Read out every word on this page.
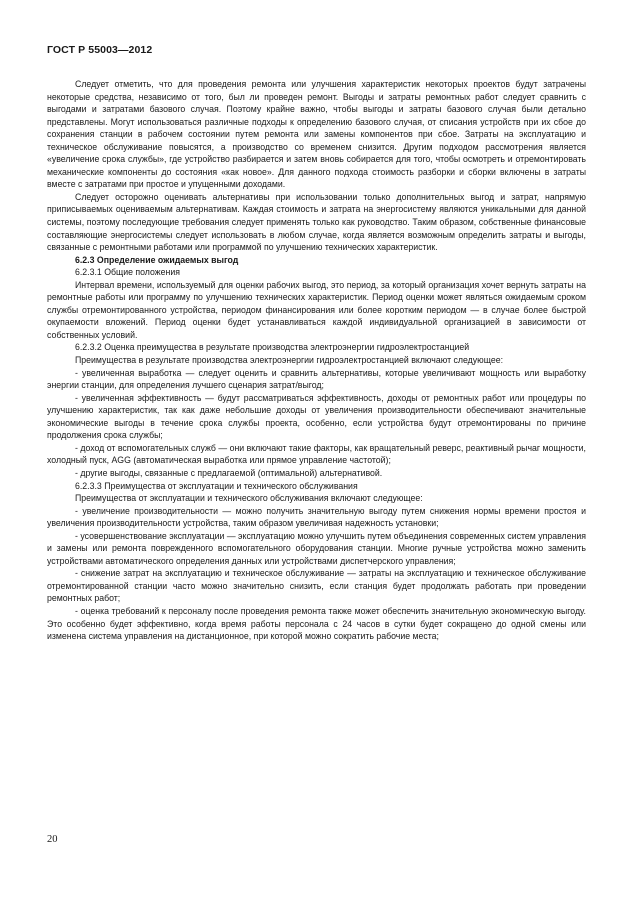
ГОСТ Р 55003—2012

Следует отметить, что для проведения ремонта или улучшения характеристик некоторых проектов будут затрачены некоторые средства, независимо от того, был ли проведен ремонт. Выгоды и затраты ремонтных работ следует сравнить с выгодами и затратами базового случая. Поэтому крайне важно, чтобы выгоды и затраты базового случая были детально представлены. Могут использоваться различные подходы к определению базового случая, от списания устройств при их сбое до сохранения станции в рабочем состоянии путем ремонта или замены компонентов при сбое. Затраты на эксплуатацию и техническое обслуживание повысятся, а производство со временем снизится. Другим подходом рассмотрения является «увеличение срока службы», где устройство разбирается и затем вновь собирается для того, чтобы осмотреть и отремонтировать механические компоненты до состояния «как новое». Для данного подхода стоимость разборки и сборки включены в затраты вместе с затратами при простое и упущенными доходами.

Следует осторожно оценивать альтернативы при использовании только дополнительных выгод и затрат, напрямую приписываемых оцениваемым альтернативам. Каждая стоимость и затрата на энергосистему являются уникальными для данной системы, поэтому последующие требования следует применять только как руководство. Таким образом, собственные финансовые составляющие энергосистемы следует использовать в любом случае, когда является возможным определить затраты и выгоды, связанные с ремонтными работами или программой по улучшению технических характеристик.

6.2.3 Определение ожидаемых выгод

6.2.3.1 Общие положения

Интервал времени, используемый для оценки рабочих выгод, это период, за который организация хочет вернуть затраты на ремонтные работы или программу по улучшению технических характеристик. Период оценки может являться ожидаемым сроком службы отремонтированного устройства, периодом финансирования или более коротким периодом — в случае более быстрой окупаемости вложений. Период оценки будет устанавливаться каждой индивидуальной организацией в зависимости от собственных условий.

6.2.3.2 Оценка преимущества в результате производства электроэнергии гидроэлектростанцией

Преимущества в результате производства электроэнергии гидроэлектростанцией включают следующее:

- увеличенная выработка — следует оценить и сравнить альтернативы, которые увеличивают мощность или выработку энергии станции, для определения лучшего сценария затрат/выгод;

- увеличенная эффективность — будут рассматриваться эффективность, доходы от ремонтных работ или процедуры по улучшению характеристик, так как даже небольшие доходы от увеличения производительности обеспечивают значительные экономические выгоды в течение срока службы проекта, особенно, если устройства будут отремонтированы по причине продолжения срока службы;

- доход от вспомогательных служб — они включают такие факторы, как вращательный реверс, реактивный рычаг мощности, холодный пуск, AGG (автоматическая выработка или прямое управление частотой);

- другие выгоды, связанные с предлагаемой (оптимальной) альтернативой.

6.2.3.3 Преимущества от эксплуатации и технического обслуживания

Преимущества от эксплуатации и технического обслуживания включают следующее:

- увеличение производительности — можно получить значительную выгоду путем снижения нормы времени простоя и увеличения производительности устройства, таким образом увеличивая надежность установки;

- усовершенствование эксплуатации — эксплуатацию можно улучшить путем объединения современных систем управления и замены или ремонта поврежденного вспомогательного оборудования станции. Многие ручные устройства можно заменить устройствами автоматического определения данных или устройствами диспетчерского управления;

- снижение затрат на эксплуатацию и техническое обслуживание — затраты на эксплуатацию и техническое обслуживание отремонтированной станции часто можно значительно снизить, если станция будет продолжать работать при проведении ремонтных работ;

- оценка требований к персоналу после проведения ремонта также может обеспечить значительную экономическую выгоду. Это особенно будет эффективно, когда время работы персонала с 24 часов в сутки будет сокращено до одной смены или изменена система управления на дистанционное, при которой можно сократить рабочие места;

20
